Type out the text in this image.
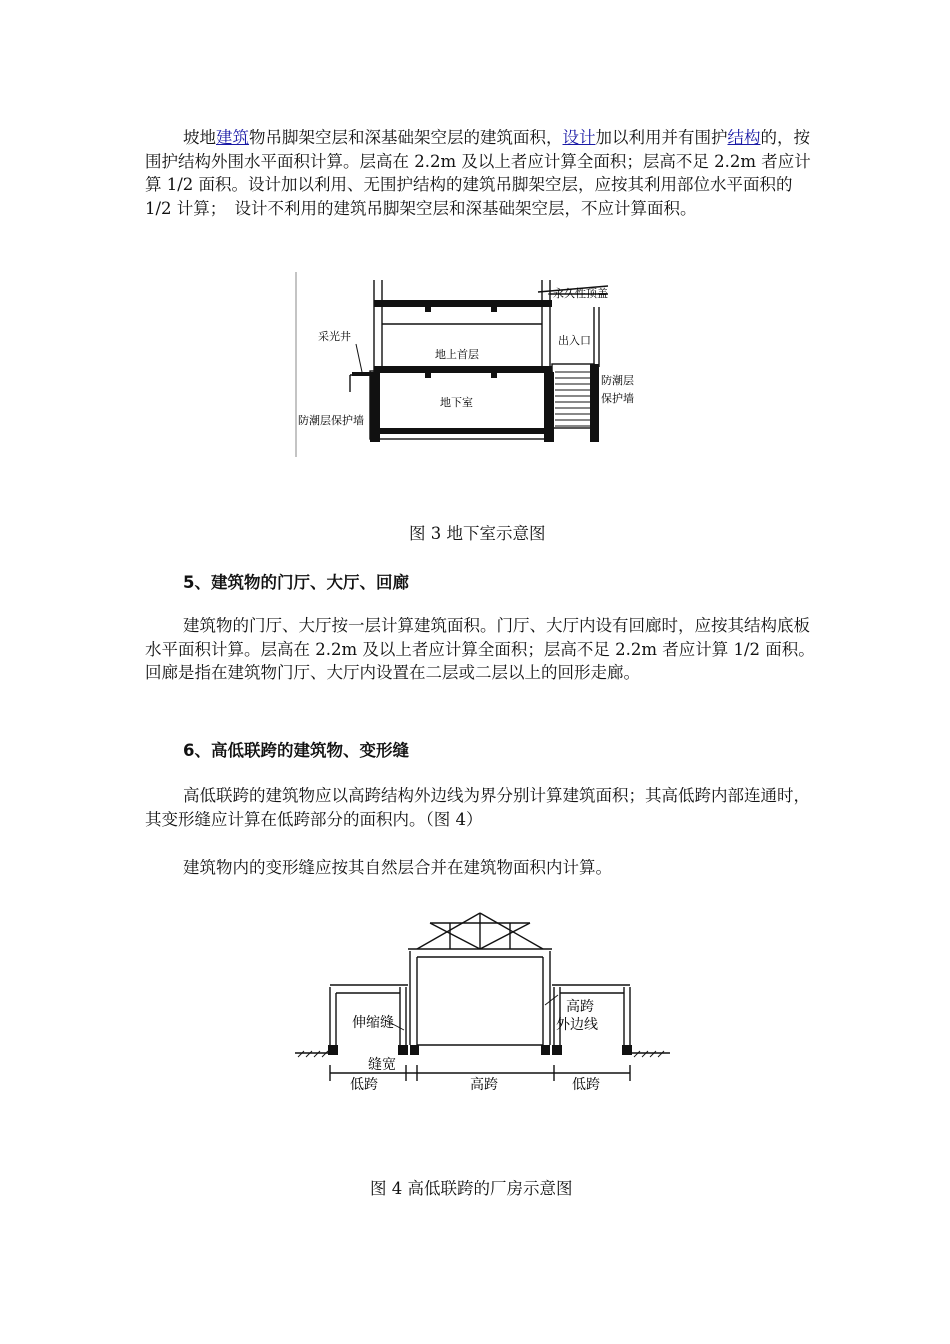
坡地建筑物吊脚架空层和深基础架空层的建筑面积，设计加以利用并有围护结构的，按围护结构外围水平面积计算。层高在 2.2m 及以上者应计算全面积；层高不足 2.2m 者应计算 1/2 面积。设计加以利用、无围护结构的建筑吊脚架空层，应按其利用部位水平面积的 1/2 计算；　设计不利用的建筑吊脚架空层和深基础架空层，不应计算面积。
永久性顶盖
采光井	出入口
地上首层
地下室
防潮层
保护墙
防潮层保护墙
图 3 地下室示意图
5、建筑物的门厅、大厅、回廊
建筑物的门厅、大厅按一层计算建筑面积。门厅、大厅内设有回廊时，应按其结构底板水平面积计算。层高在 2.2m 及以上者应计算全面积；层高不足 2.2m 者应计算 1/2 面积。回廊是指在建筑物门厅、大厅内设置在二层或二层以上的回形走廊。
6、高低联跨的建筑物、变形缝
高低联跨的建筑物应以高跨结构外边线为界分别计算建筑面积；其高低跨内部连通时，其变形缝应计算在低跨部分的面积内。（图 4）
建筑物内的变形缝应按其自然层合并在建筑物面积内计算。
伸缩缝
高跨
外边线
缝宽
低跨	高跨	低跨
图 4 高低联跨的厂房示意图
